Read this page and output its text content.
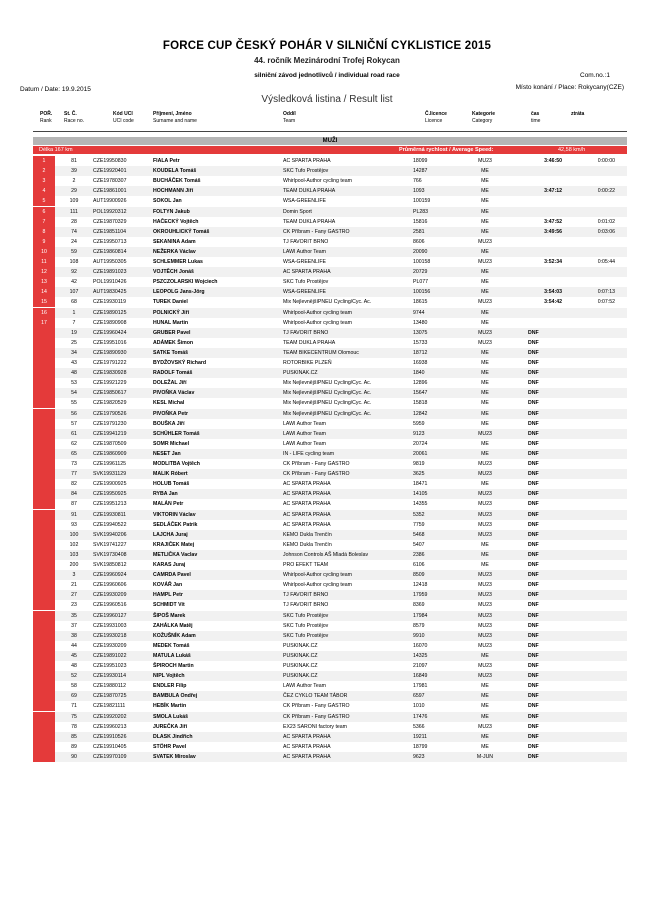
FORCE CUP ČESKÝ POHÁR V SILNIČNÍ CYKLISTICE 2015
44. ročník Mezinárodní Trofej Rokycan
silniční závod jednotlivců / individual road race	Com.no.:1
Datum / Date: 19.9.2015	Místo konání / Place: Rokycany(CZE)
Výsledková listina / Result list
POŘ.
Rank
St. Č.
Race no.
Kód UCI
UCI code
Příjmení, Jméno
Surname and name
Oddíl
Team
Č.licence
Licence
Kategorie
Category
čas
time
ztráta
MUŽI
Délka 167 km	Průměrná rychlost / Average Speed:	42,58 km/h
1	81	CZE19950830	FIALA Petr	AC SPARTA PRAHA	18099	MU23	3:46:50	0:00:00
2	39	CZE19920401	KOUDELA Tomáš	SKC Tufo Prostějov	14287	ME
3	2	CZE19780307	BUCHÁČEK Tomáš	Whirlpool-Author cycling team	766	ME
4	29	CZE19861001	HOCHMANN Jiří	TEAM DUKLA PRAHA	1093	ME	3:47:12	0:00:22
5	109	AUT19900926	SOKOL Jan	WSA-GREENLIFE	100159	ME
6	111	POL19920312	FOLTYN Jakub	Domin Sport	PL283	ME
7	28	CZE19870329	HAČECKÝ Vojtěch	TEAM DUKLA PRAHA	15816	ME	3:47:52	0:01:02
8	74	CZE19851104	OKROUHLICKÝ Tomáš	CK Příbram - Fany GASTRO	2581	ME	3:49:56	0:03:06
9	24	CZE19950713	SEKANINA Adam	TJ FAVORIT BRNO	8606	MU23
10	59	CZE19860814	NEŽERKA Václav	LAWI Author Team	20090	ME
11	108	AUT19950305	SCHLEMMER Lukas	WSA-GREENLIFE	100158	MU23	3:52:34	0:05:44
12	92	CZE19891023	VOJTĚCH Jonáš	AC SPARTA PRAHA	20729	ME
13	42	POL19910426	PSZCZOLARSKI Wojciech	SKC Tufo Prostějov	PL077	ME
14	107	AUT19830425	LEOPOLG Jans-Jörg	WSA-GREENLIFE	100156	ME	3:54:03	0:07:13
15	68	CZE19930119	TUREK Daniel	Mix NejlevnějšíPNEU Cycling/Cyc. Ac.	18615	MU23	3:54:42	0:07:52
16	1	CZE19890125	POLNICKÝ Jiří	Whirlpool-Author cycling team	9744	ME
17	7	CZE19890908	HUNAL Martin	Whirlpool-Author cycling team	13480	ME
19	CZE19960424	GRUBER Pavel	TJ FAVORIT BRNO	13075	MU23	DNF
25	CZE19951016	ADÁMEK Šimon	TEAM DUKLA PRAHA	15733	MU23	DNF
34	CZE19890930	SATKE Tomáš	TEAM BIKECENTRUM Olomouc	18712	ME	DNF
43	CZE19791222	BYDŽOVSKÝ Richard	ROTORBIKE PLZEŇ	16938	ME	DNF
48	CZE19830928	RADOLF Tomáš	PUSKINAK.CZ	1840	ME	DNF
53	CZE19921229	DOLEŽAL Jiří	Mix NejlevnějšíPNEU Cycling/Cyc. Ac.	12896	ME	DNF
54	CZE19850617	PIVOŇKA Václav	Mix NejlevnějšíPNEU Cycling/Cyc. Ac.	15647	ME	DNF
55	CZE19820529	KESL Michal	Mix NejlevnějšíPNEU Cycling/Cyc. Ac.	15818	ME	DNF
56	CZE19790526	PIVOŇKA Petr	Mix NejlevnějšíPNEU Cycling/Cyc. Ac.	12842	ME	DNF
57	CZE19791230	BOUŠKA Jiří	LAWI Author Team	5959	ME	DNF
61	CZE19941219	SCHÜHLER Tomáš	LAWI Author Team	9123	MU23	DNF
62	CZE19870509	SOMR Michael	LAWI Author Team	20724	ME	DNF
65	CZE19860909	NESET Jan	IN - LIFE cycling team	20061	ME	DNF
73	CZE19961125	MODLITBA Vojtěch	CK Příbram - Fany GASTRO	9819	MU23	DNF
77	SVK19931129	MALIK Róbert	CK Příbram - Fany GASTRO	3625	MU23	DNF
82	CZE19900925	HOLUB Tomáš	AC SPARTA PRAHA	18471	ME	DNF
84	CZE19950925	RYBA Jan	AC SPARTA PRAHA	14105	MU23	DNF
87	CZE19951213	MALÁN Petr	AC SPARTA PRAHA	14355	MU23	DNF
91	CZE19930811	VIKTORIN Václav	AC SPARTA PRAHA	5352	MU23	DNF
93	CZE19940522	SEDLÁČEK Patrik	AC SPARTA PRAHA	7759	MU23	DNF
100	SVK19940206	LAJCHA Juraj	KEMO Dukla Trenčín	5468	MU23	DNF
102	SVK19741227	KRAJIČEK Matej	KEMO Dukla Trenčín	5407	ME	DNF
103	SVK19730408	METLIČKA Vaclav	Johnson Controls AŠ Mladá Boleslav	2386	ME	DNF
200	SVK19850812	KARAS Juraj	PRO EFEKT TEAM	6106	ME	DNF
3	CZE19960924	CAMRDA Pavel	Whirlpool-Author cycling team	8509	MU23	DNF
21	CZE19960606	KOVÁŘ Jan	Whirlpool-Author cycling team	12418	MU23	DNF
27	CZE19930209	HAMPL Petr	TJ FAVORIT BRNO	17959	MU23	DNF
23	CZE19960516	SCHMIDT Vít	TJ FAVORIT BRNO	8369	MU23	DNF
35	CZE19960127	ŠIPOŠ Marek	SKC Tufo Prostějov	17984	MU23	DNF
37	CZE19931003	ZAHÁLKA Matěj	SKC Tufo Prostějov	8579	MU23	DNF
38	CZE19930218	KOŽUŠNÍK Adam	SKC Tufo Prostějov	9910	MU23	DNF
44	CZE19930209	MEDEK Tomáš	PUSKINAK.CZ	16070	MU23	DNF
45	CZE19891022	MATULA Lukáš	PUSKINAK.CZ	14325	ME	DNF
48	CZE19951023	ŠPIROCH Martin	PUSKINAK.CZ	21097	MU23	DNF
52	CZE19930114	NIPL Vojtěch	PUSKINAK.CZ	16849	MU23	DNF
58	CZE19880112	ENDLER Filip	LAWI Author Team	17981	ME	DNF
69	CZE19870725	BAMBULA Ondřej	ČEZ CYKLO TEAM TÁBOR	6597	ME	DNF
71	CZE19821111	HEBÍK Martin	CK Příbram - Fany GASTRO	1010	ME	DNF
75	CZE19920202	SMOLA Lukáš	CK Příbram - Fany GASTRO	17476	ME	DNF
78	CZE19960213	JUREČKA Jiří	EX23 SARONI factory team	5366	MU23	DNF
85	CZE19910526	DLASK Jindřich	AC SPARTA PRAHA	19211	ME	DNF
89	CZE19910405	STÖHR Pavel	AC SPARTA PRAHA	18799	ME	DNF
90	CZE19970109	SVATEK Miroslav	AC SPARTA PRAHA	9623	M-JUN	DNF
